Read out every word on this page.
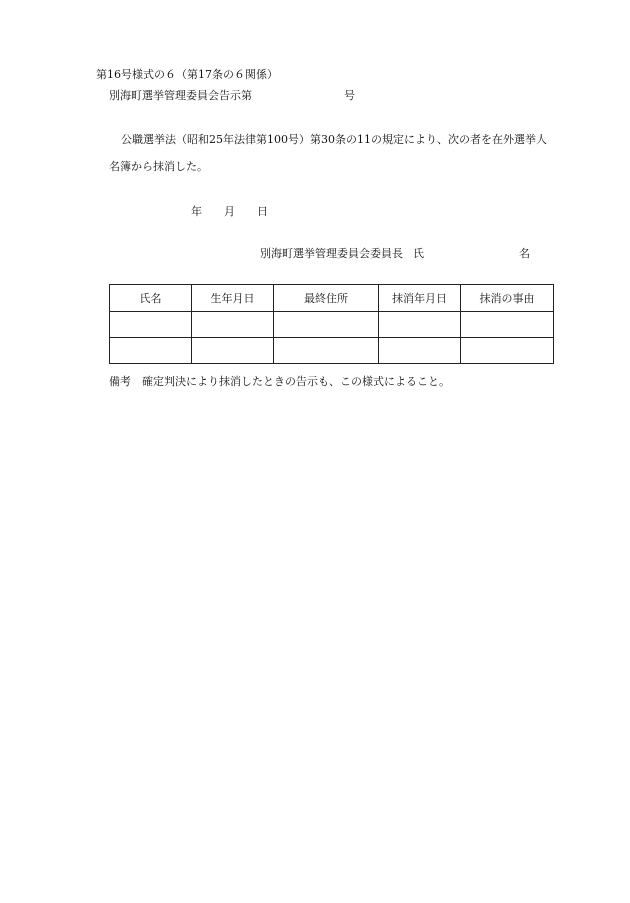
第16号様式の６（第17条の６関係）
別海町選挙管理委員会告示第	号
公職選挙法（昭和25年法律第100号）第30条の11の規定により、次の者を在外選挙人
名簿から抹消した。
年 月 日
別海町選挙管理委員会委員長 氏	名
氏名	生年月日	最終住所	抹消年月日	抹消の事由

備考 確定判決により抹消したときの告示も、この様式によること。
